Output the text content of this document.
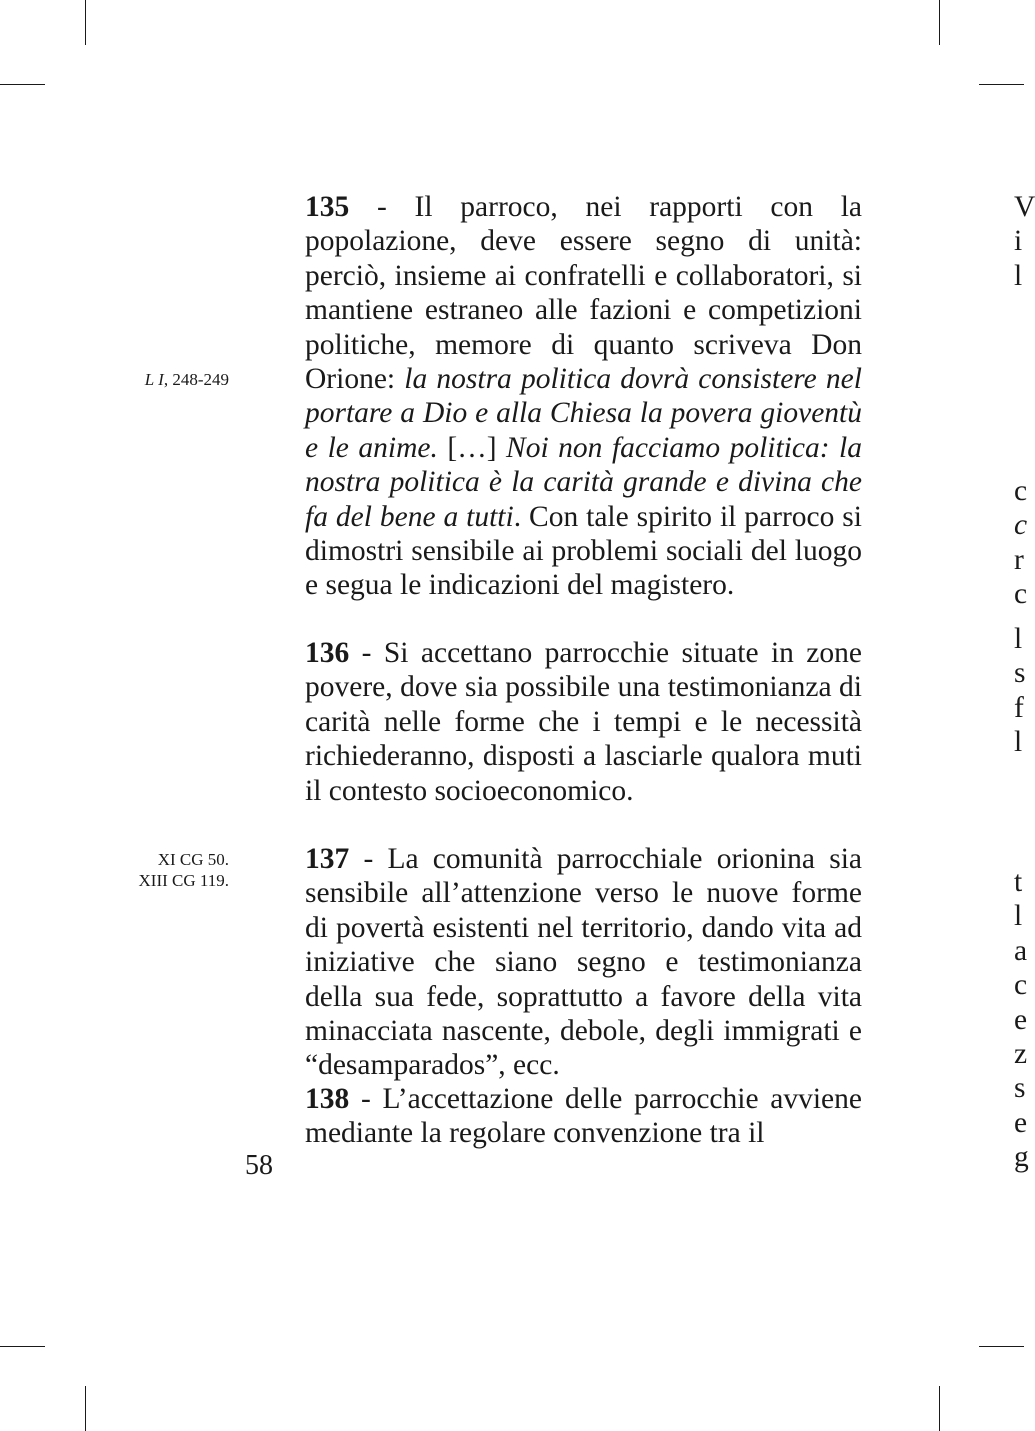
L I, 248-249
XI CG 50.
XIII CG 119.
135 - Il parroco, nei rapporti con la popolazione, deve essere segno di unità: perciò, insieme ai confratelli e collaboratori, si mantiene estraneo alle fazioni e competizioni politiche, memore di quanto scriveva Don Orione: la nostra politica dovrà consistere nel portare a Dio e alla Chiesa la povera gioventù e le anime. […] Noi non facciamo politica: la nostra politica è la carità grande e divina che fa del bene a tutti. Con tale spirito il parroco si dimostri sensibile ai problemi sociali del luogo e segua le indicazioni del magistero.
136 - Si accettano parrocchie situate in zone povere, dove sia possibile una testimonianza di carità nelle forme che i tempi e le necessità richiederanno, disposti a lasciarle qualora muti il contesto socioeconomico.
137 - La comunità parrocchiale orionina sia sensibile all’attenzione verso le nuove forme di povertà esistenti nel territorio, dando vita ad iniziative che siano segno e testimonianza della sua fede, soprattutto a favore della vita minacciata nascente, debole, degli immigrati e “desamparados”, ecc.
138 - L’accettazione delle parrocchie avviene mediante la regolare convenzione tra il
58
V
i
l
c
c
r
c
l
s
f
l
t
l
a
c
e
z
s
e
g
